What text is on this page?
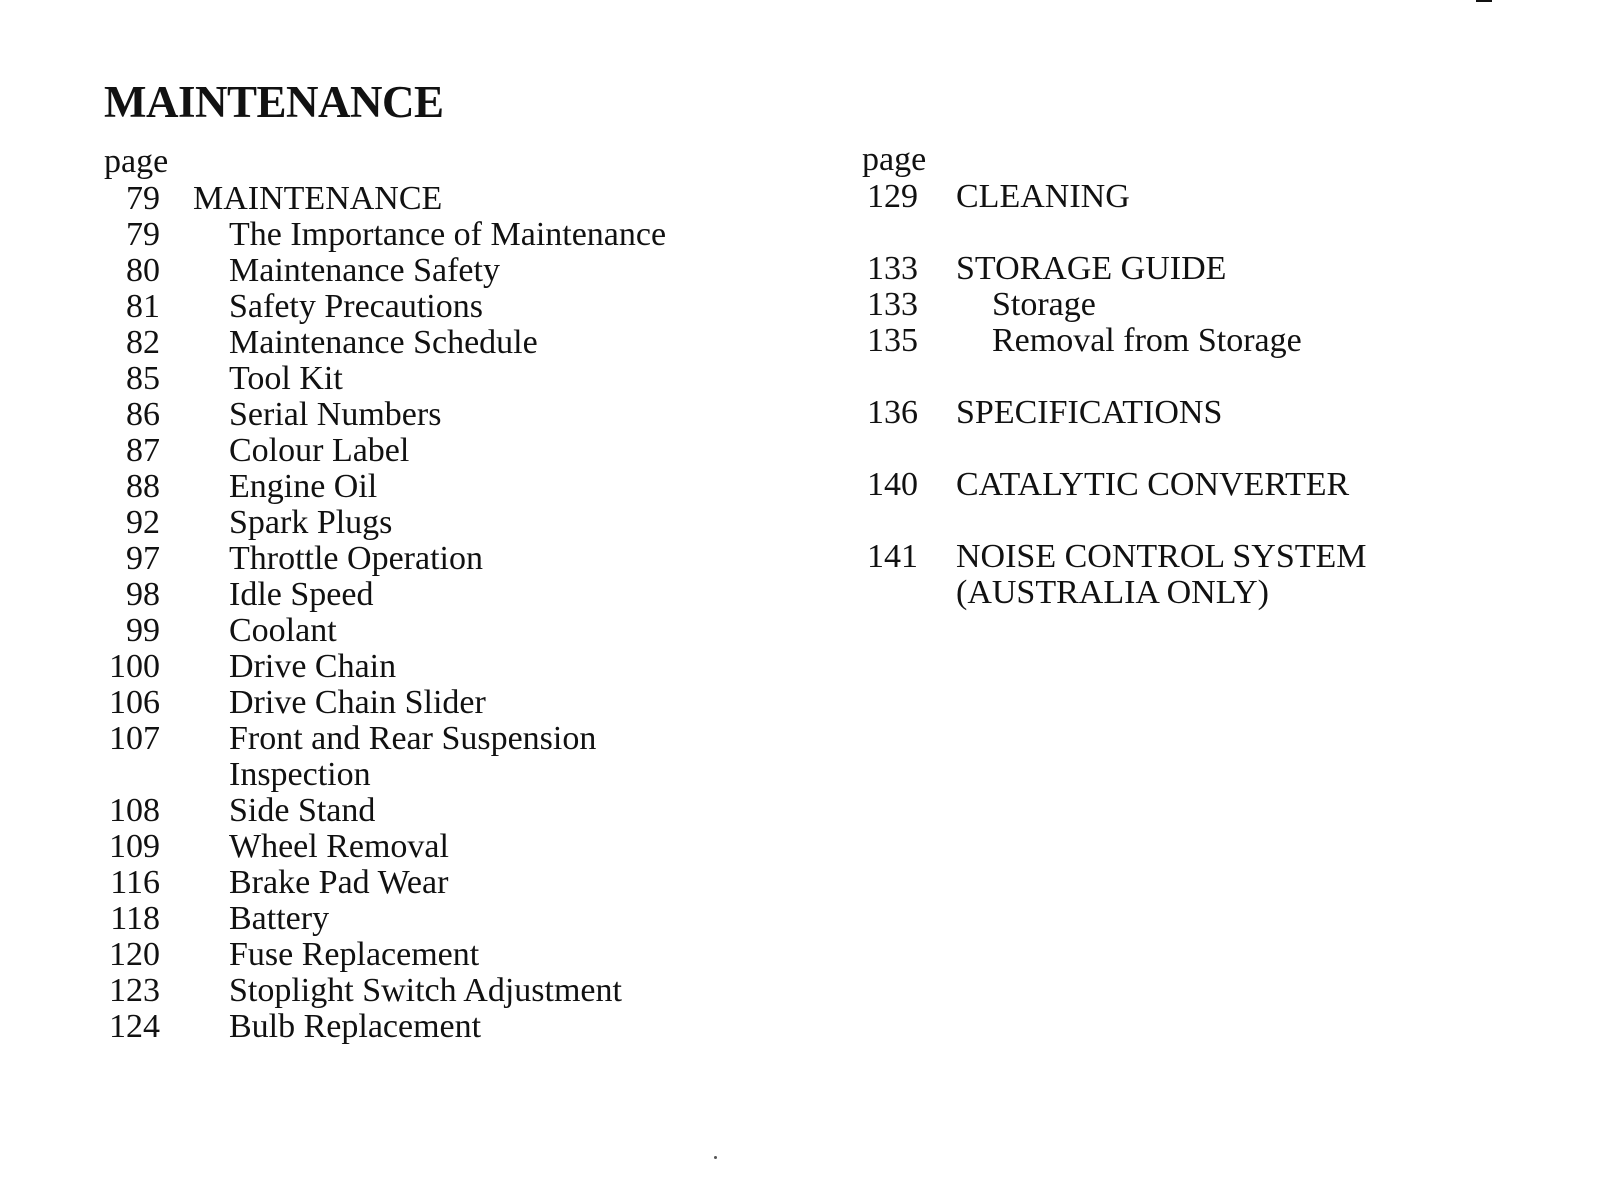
MAINTENANCE
page
79 MAINTENANCE
79	The Importance of Maintenance
80	Maintenance Safety
81	Safety Precautions
82	Maintenance Schedule
85	Tool Kit
86	Serial Numbers
87	Colour Label
88	Engine Oil
92	Spark Plugs
97	Throttle Operation
98	Idle Speed
99	Coolant
100	Drive Chain
106	Drive Chain Slider
107	Front and Rear Suspension
Inspection
108	Side Stand
109	Wheel Removal
116	Brake Pad Wear
118	Battery
120	Fuse Replacement
123	Stoplight Switch Adjustment
124	Bulb Replacement
page
129	CLEANING
133	STORAGE GUIDE
133	Storage
135	Removal from Storage
136	SPECIFICATIONS
140	CATALYTIC CONVERTER
141	NOISE CONTROL SYSTEM
(AUSTRALIA ONLY)
